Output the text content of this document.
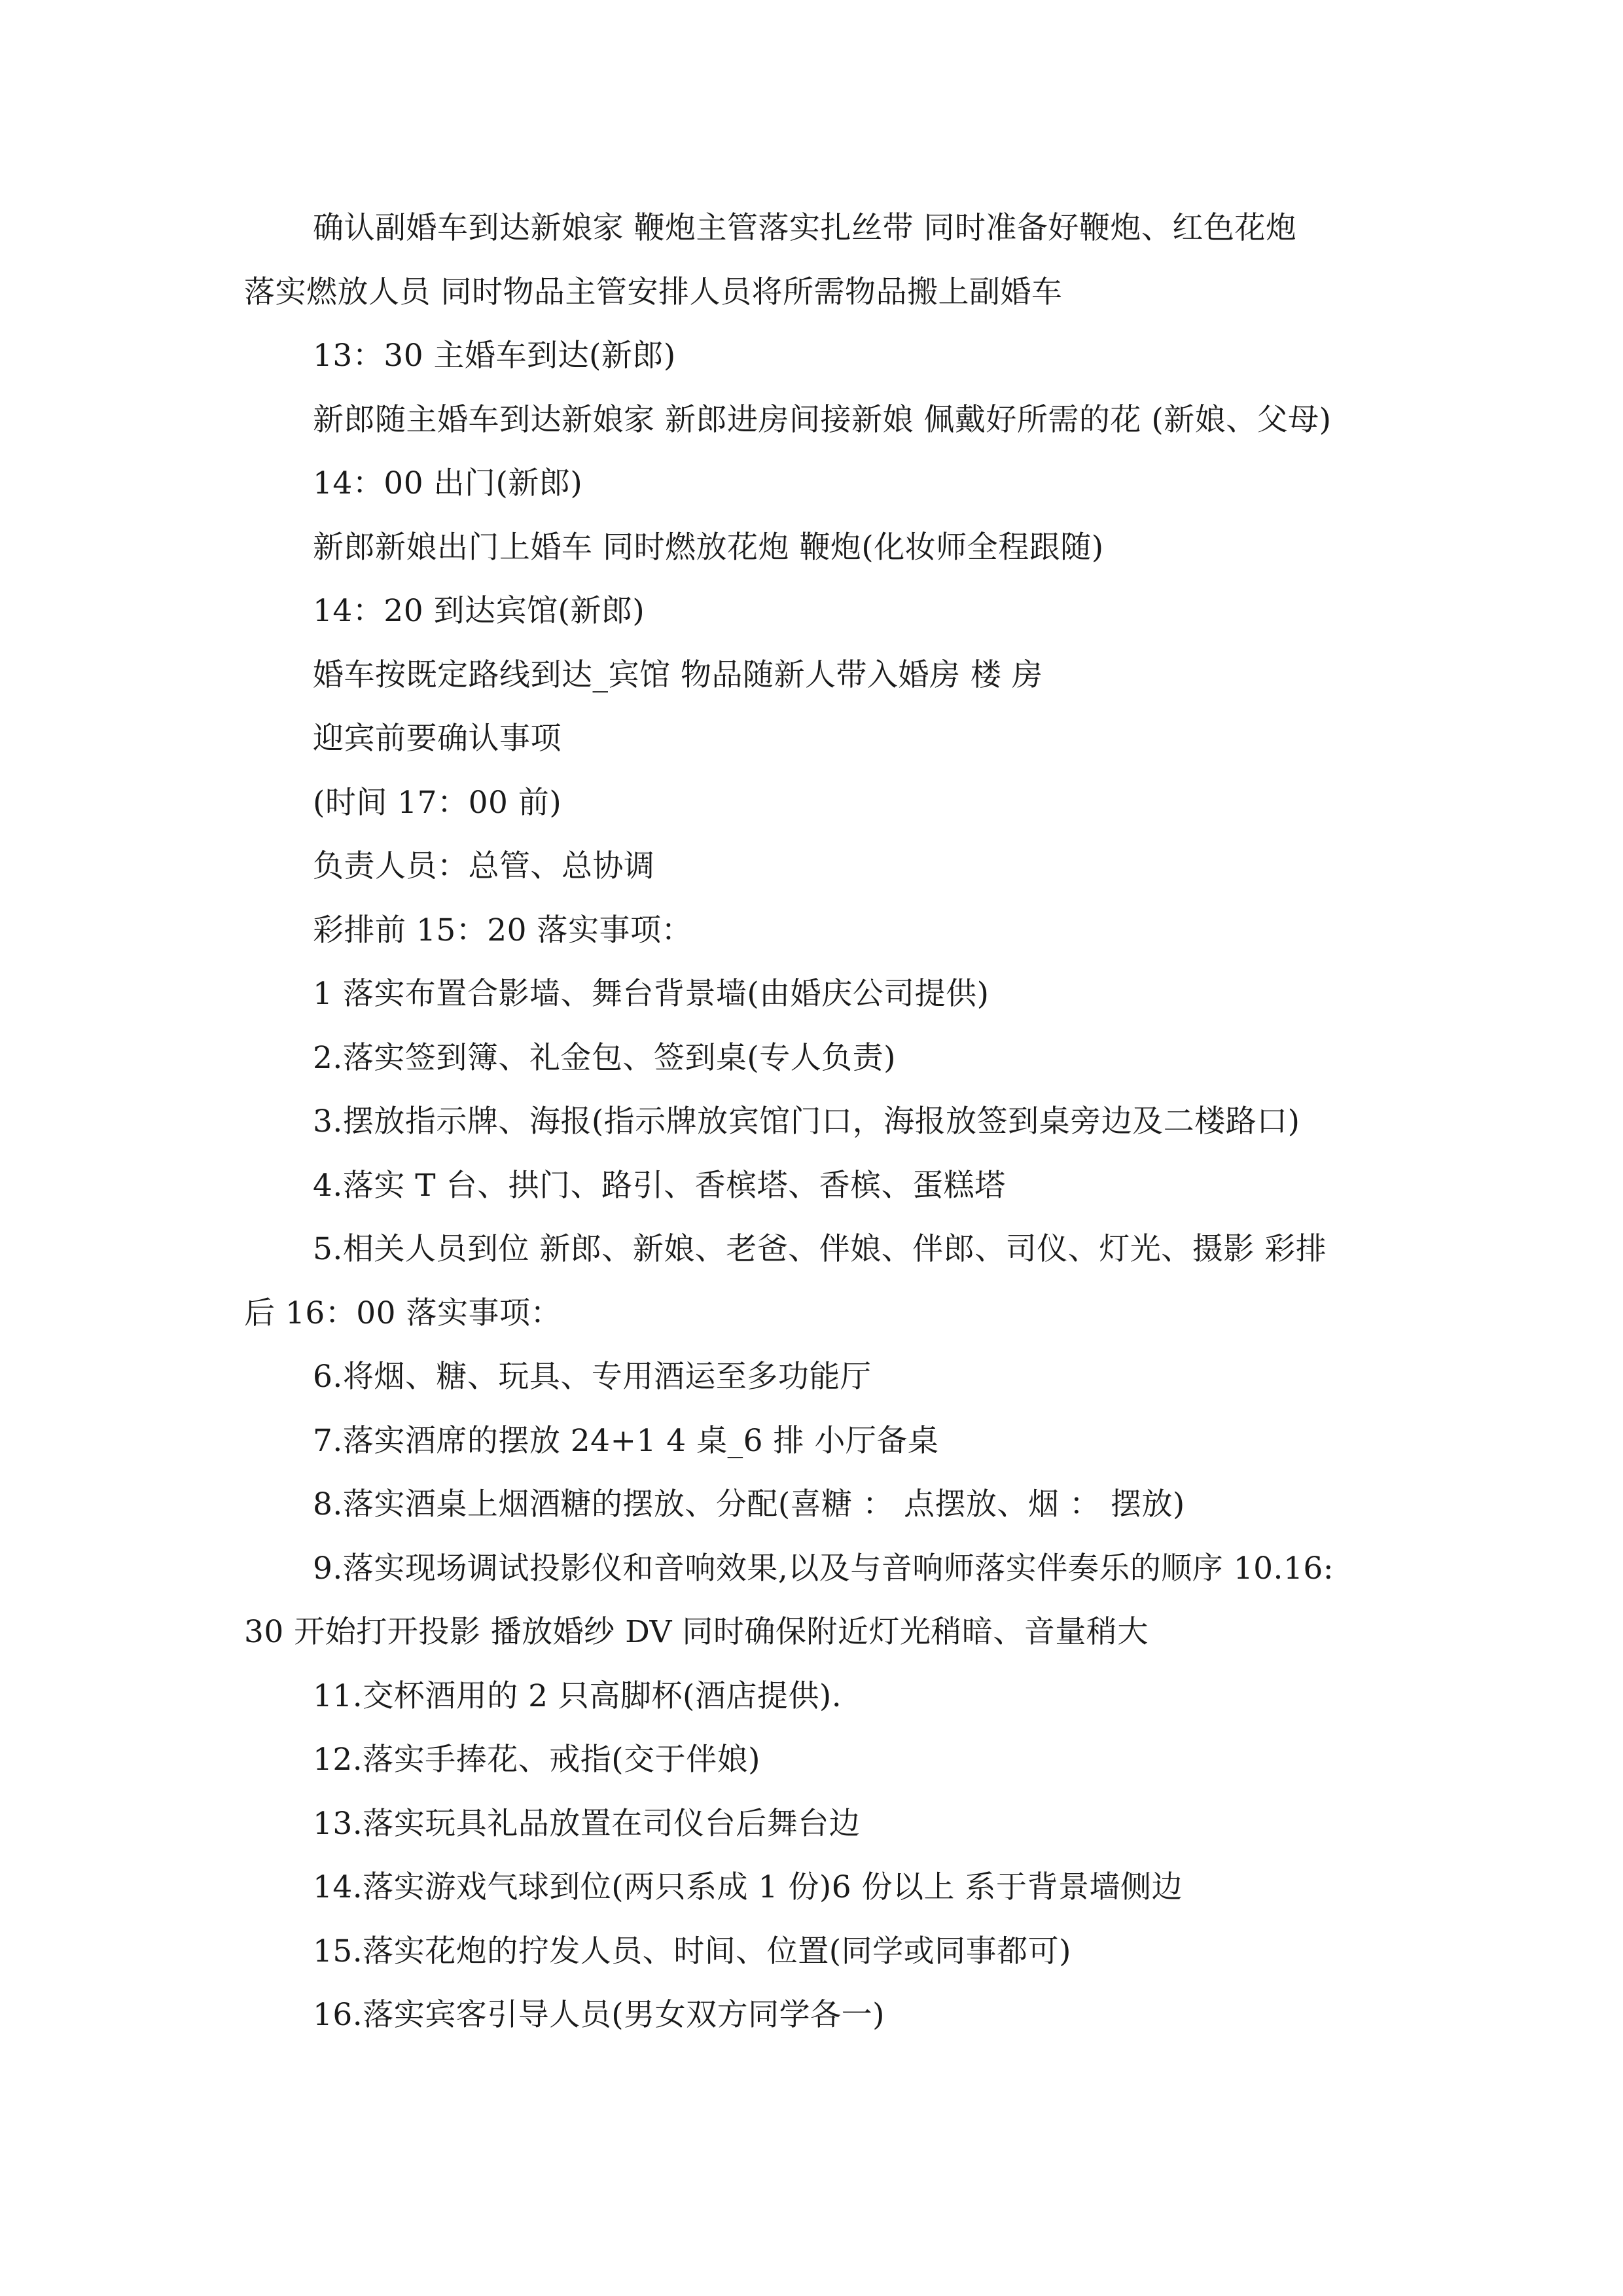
确认副婚车到达新娘家 鞭炮主管落实扎丝带 同时准备好鞭炮、红色花炮

落实燃放人员 同时物品主管安排人员将所需物品搬上副婚车

13：30 主婚车到达(新郎)

新郎随主婚车到达新娘家 新郎进房间接新娘 佩戴好所需的花 (新娘、父母)

14：00 出门(新郎)

新郎新娘出门上婚车 同时燃放花炮 鞭炮(化妆师全程跟随)

14：20 到达宾馆(新郎)

婚车按既定路线到达_宾馆 物品随新人带入婚房 楼 房

迎宾前要确认事项

(时间 17：00 前)

负责人员：总管、总协调

彩排前 15：20 落实事项：

1 落实布置合影墙、舞台背景墙(由婚庆公司提供)

2.落实签到簿、礼金包、签到桌(专人负责)

3.摆放指示牌、海报(指示牌放宾馆门口，海报放签到桌旁边及二楼路口)

4.落实 T 台、拱门、路引、香槟塔、香槟、蛋糕塔

5.相关人员到位 新郎、新娘、老爸、伴娘、伴郎、司仪、灯光、摄影 彩排

后 16：00 落实事项：

6.将烟、糖、玩具、专用酒运至多功能厅

7.落实酒席的摆放 24+1 4 桌_6 排 小厅备桌

8.落实酒桌上烟酒糖的摆放、分配(喜糖 ： 点摆放、烟 ： 摆放)

9.落实现场调试投影仪和音响效果,以及与音响师落实伴奏乐的顺序 10.16:

30 开始打开投影 播放婚纱 DV 同时确保附近灯光稍暗、音量稍大

11.交杯酒用的 2 只高脚杯(酒店提供).

12.落实手捧花、戒指(交于伴娘)

13.落实玩具礼品放置在司仪台后舞台边

14.落实游戏气球到位(两只系成 1 份)6 份以上 系于背景墙侧边

15.落实花炮的拧发人员、时间、位置(同学或同事都可)

16.落实宾客引导人员(男女双方同学各一)
